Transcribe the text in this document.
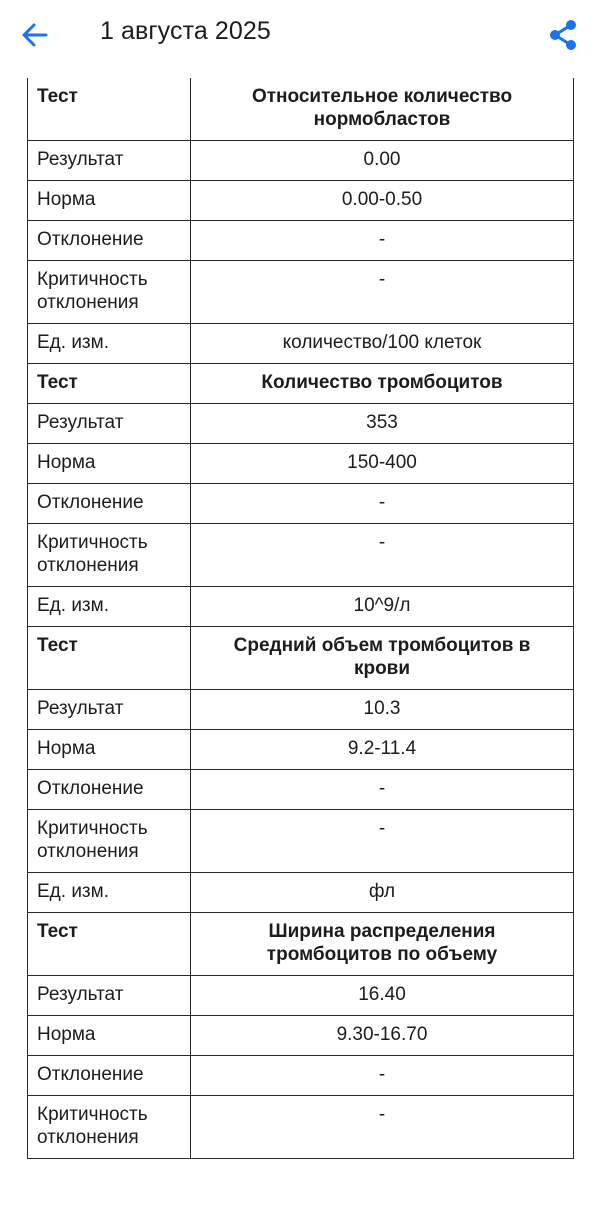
1 августа 2025
Тест	Относительное количество нормобластов
Результат	0.00
Норма	0.00-0.50
Отклонение	-
Критичность отклонения	-
Ед. изм.	количество/100 клеток
Тест	Количество тромбоцитов
Результат	353
Норма	150-400
Отклонение	-
Критичность отклонения	-
Ед. изм.	10^9/л
Тест	Средний объем тромбоцитов в крови
Результат	10.3
Норма	9.2-11.4
Отклонение	-
Критичность отклонения	-
Ед. изм.	фл
Тест	Ширина распределения тромбоцитов по объему
Результат	16.40
Норма	9.30-16.70
Отклонение	-
Критичность отклонения	-
